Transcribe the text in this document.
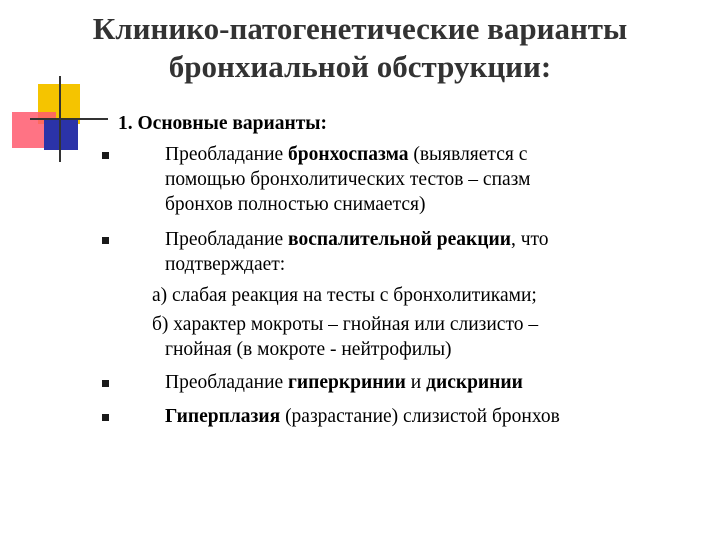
Клинико-патогенетические варианты
бронхиальной обструкции:
1. Основные варианты:
Преобладание бронхоспазма (выявляется с
помощью бронхолитических тестов – спазм
бронхов полностью снимается)
Преобладание воспалительной реакции, что
подтверждает:
а) слабая реакция на тесты с бронхолитиками;
б) характер мокроты – гнойная или слизисто –
гнойная (в мокроте - нейтрофилы)
Преобладание гиперкринии и дискринии
Гиперплазия (разрастание) слизистой бронхов
